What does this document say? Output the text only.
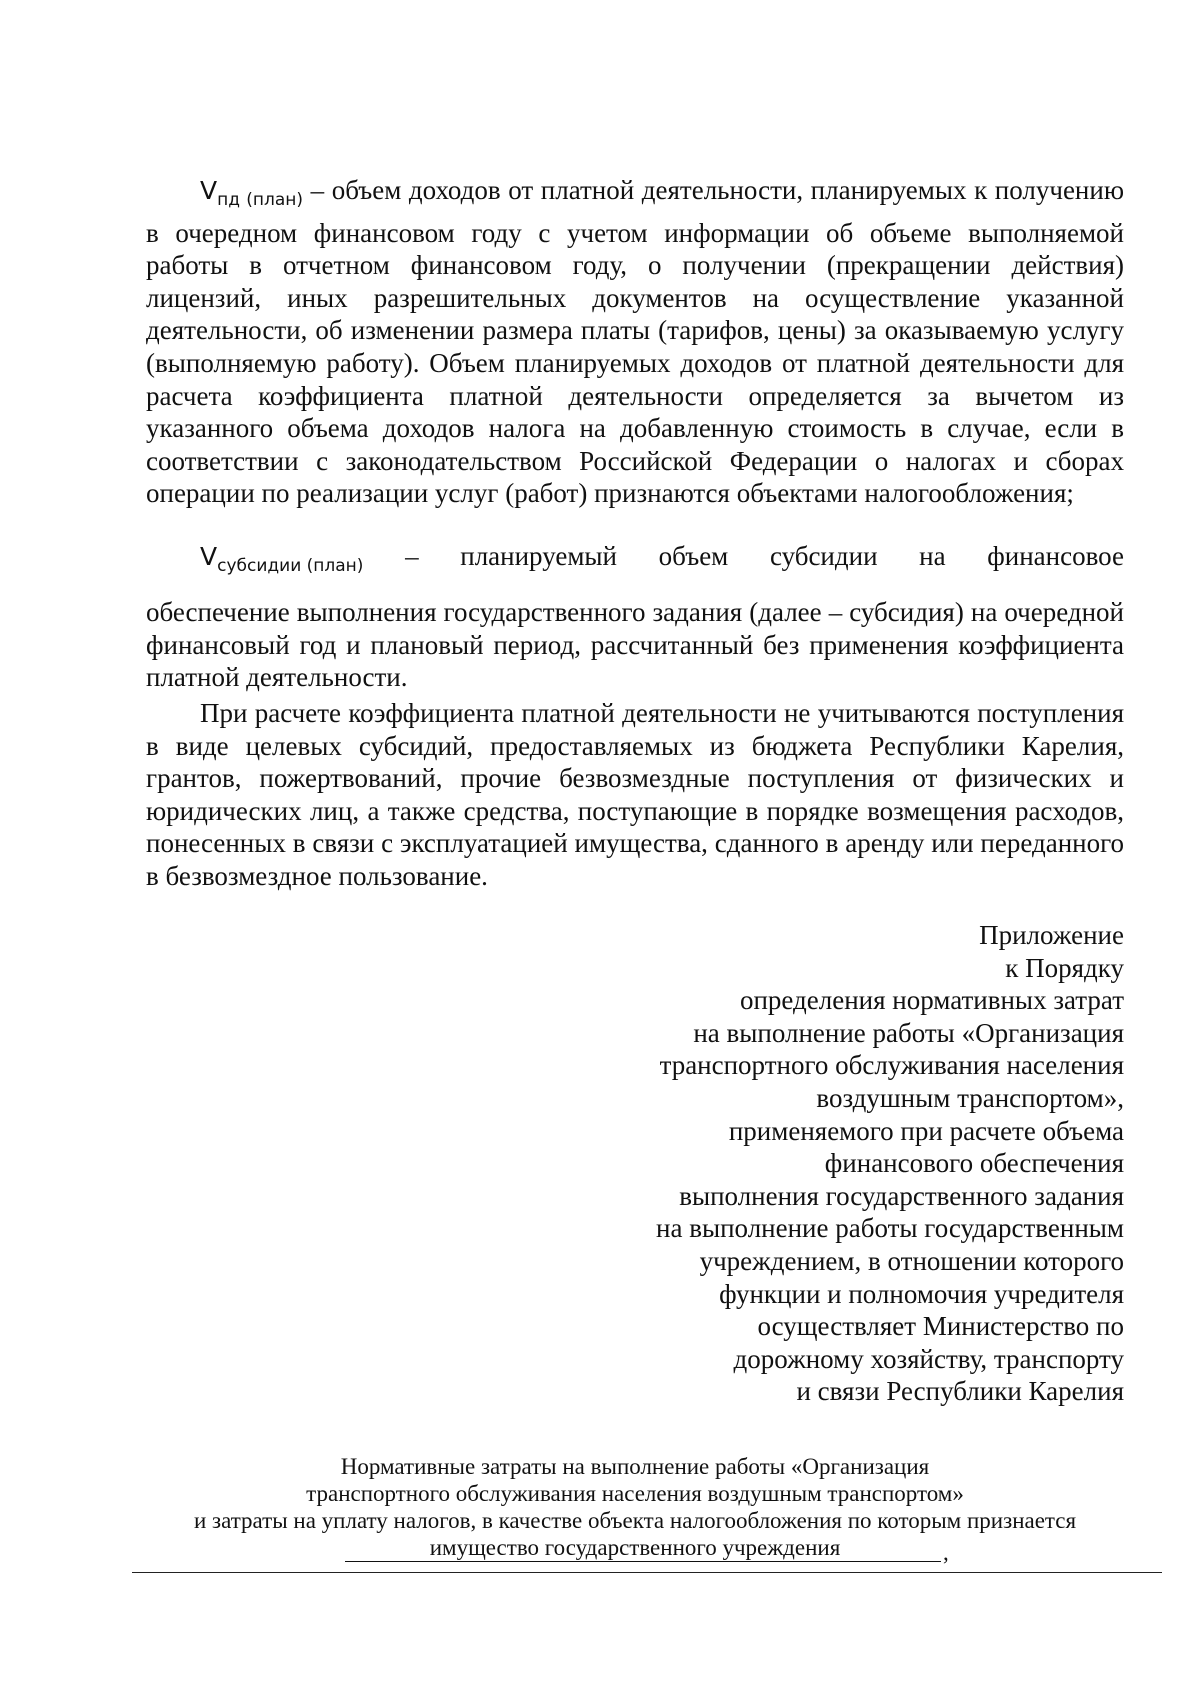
$V_{пд (план)}$ – объем доходов от платной деятельности, планируемых к получению в очередном финансовом году с учетом информации об объеме выполняемой работы в отчетном финансовом году, о получении (прекращении действия) лицензий, иных разрешительных документов на осуществление указанной деятельности, об изменении размера платы (тарифов, цены) за оказываемую услугу (выполняемую работу). Объем планируемых доходов от платной деятельности для расчета коэффициента платной деятельности определяется за вычетом из указанного объема доходов налога на добавленную стоимость в случае, если в соответствии с законодательством Российской Федерации о налогах и сборах операции по реализации услуг (работ) признаются объектами налогообложения;

$V_{субсидии (план)}$ – планируемый объем субсидии на финансовое

обеспечение выполнения государственного задания (далее – субсидия) на очередной финансовый год и плановый период, рассчитанный без применения коэффициента платной деятельности.

При расчете коэффициента платной деятельности не учитываются поступления в виде целевых субсидий, предоставляемых из бюджета Республики Карелия, грантов, пожертвований, прочие безвозмездные поступления от физических и юридических лиц, а также средства, поступающие в порядке возмещения расходов, понесенных в связи с эксплуатацией имущества, сданного в аренду или переданного в безвозмездное пользование.

Приложение
к Порядку
определения нормативных затрат
на выполнение работы «Организация
транспортного обслуживания населения
воздушным транспортом»,
применяемого при расчете объема
финансового обеспечения
выполнения государственного задания
на выполнение работы государственным
учреждением, в отношении которого
функции и полномочия учредителя
осуществляет Министерство по
дорожному хозяйству, транспорту
и связи Республики Карелия
Нормативные затраты на выполнение работы «Организация
транспортного обслуживания населения воздушным транспортом»
и затраты на уплату налогов, в качестве объекта налогообложения по которым признается
имущество государственного учреждения	,
